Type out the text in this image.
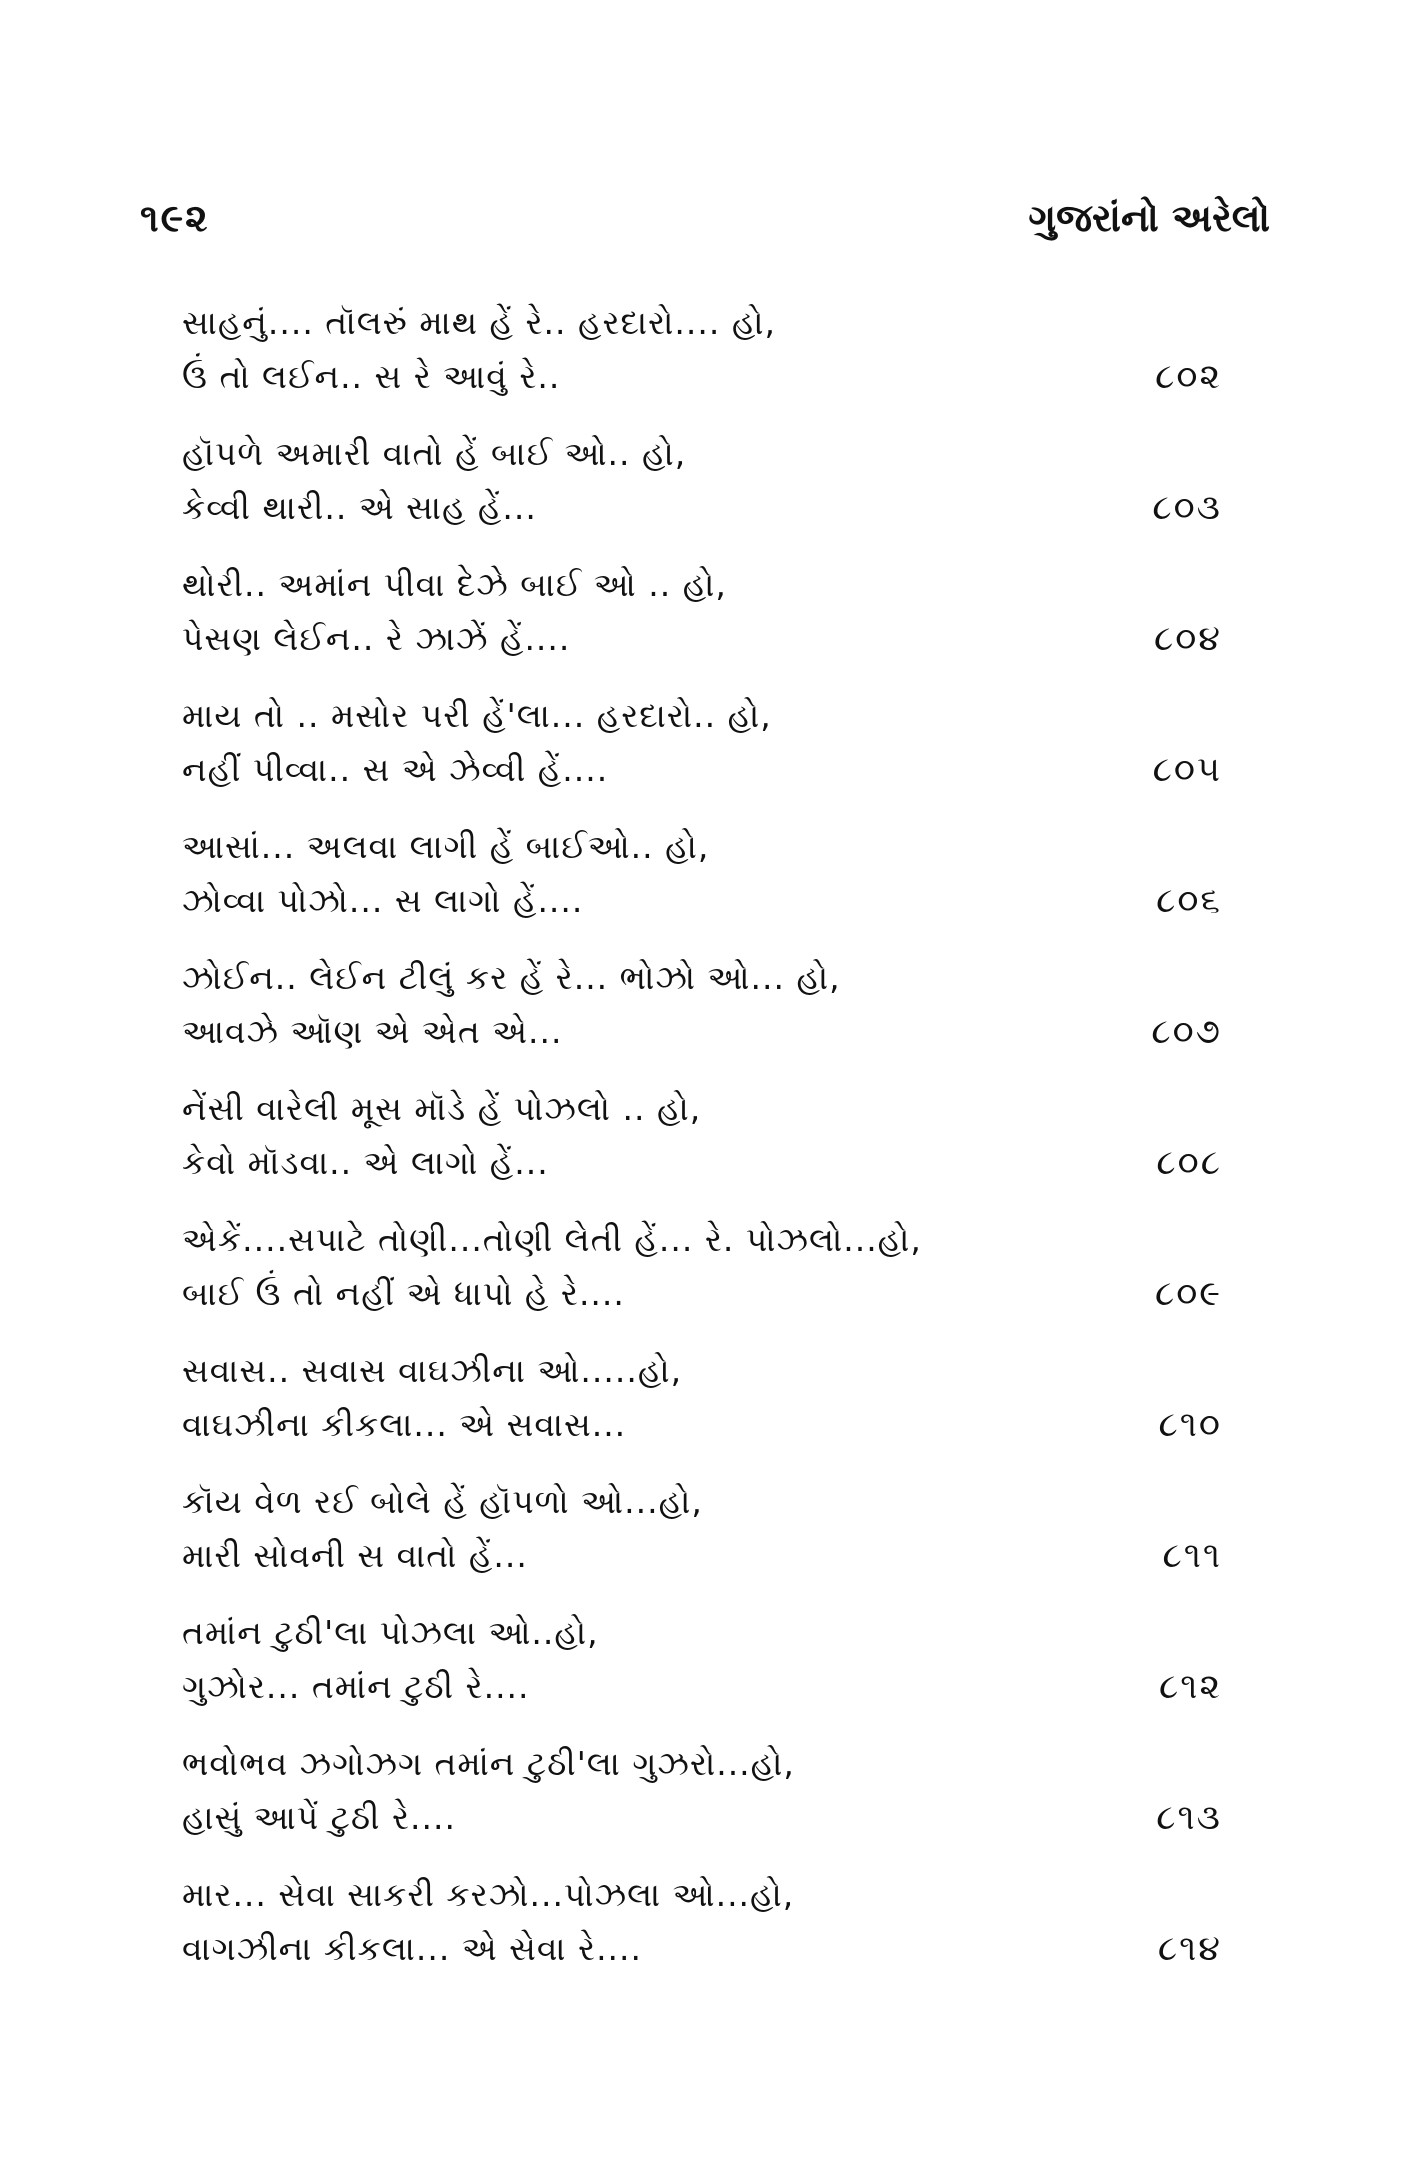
૧૯૨	ગુજરાંનો અરેલો
સાહનું.... તૉલરું માથ હેં રે.. હરદારો.... હો,
ઉં તો લઈન.. સ રે આવું રે..	૮૦૨
હૉપળે અમારી વાતો હેં બાઈ ઓ.. હો,
કેવ્વી થારી.. એ સાહ હેં...	૮૦૩
થોરી.. અમાંન પીવા દેઝે બાઈ ઓ .. હો,
પેસણ લેઈન.. રે ઝાઝેં હેં....	૮૦૪
માય તો .. મસોર પરી હેં'લા... હરદારો.. હો,
નહીં પીવ્વા.. સ એ ઝેવ્વી હેં....	૮૦૫
આસાં... અલવા લાગી હેં બાઈઓ.. હો,
ઝોવ્વા પોઝો... સ લાગો હેં....	૮૦૬
ઝોઈન.. લેઈન ટીલું કર હેં રે... ભોઝો ઓ... હો,
આવઝે ઑણ એ એત એ...	૮૦૭
નેંસી વારેલી મૂસ મૉડે હેં પોઝલો .. હો,
કેવો મૉડવા.. એ લાગો હેં...	૮૦૮
એકેં....સપાટે તોણી...તોણી લેતી હેં... રે. પોઝલો...હો,
બાઈ ઉં તો નહીં એ ધાપો હે રે....	૮૦૯
સવાસ.. સવાસ વાઘઝીના ઓ.....હો,
વાઘઝીના કીકલા... એ સવાસ...	૮૧૦
કૉય વેળ રઈ બોલે હેં હૉપળો ઓ...હો,
મારી સોવની સ વાતો હેં...	૮૧૧
તમાંન ટુઠી'લા પોઝલા ઓ..હો,
ગુઝોર... તમાંન ટુઠી રે....	૮૧૨
ભવોભવ ઝગોઝગ તમાંન ટુઠી'લા ગુઝરો...હો,
હાસું આપેં ટુઠી રે....	૮૧૩
માર... સેવા સાકરી કરઝો...પોઝલા ઓ...હો,
વાગઝીના કીકલા... એ સેવા રે....	૮૧૪
